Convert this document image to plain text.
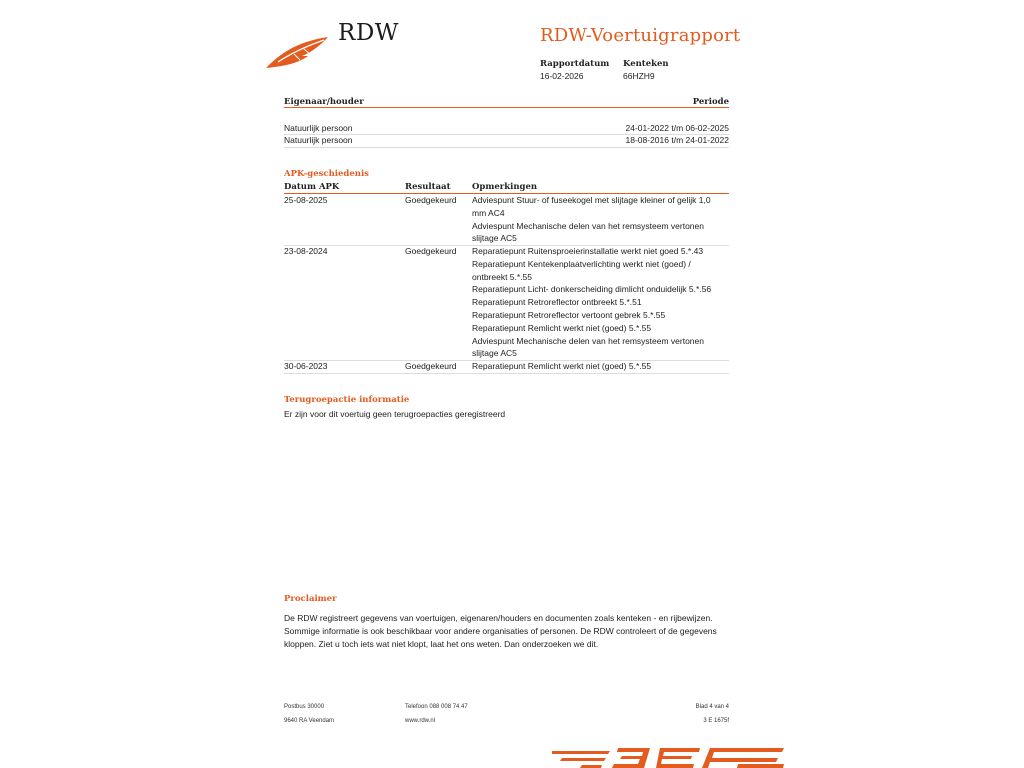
RDW	RDW-Voertuigrapport
Rapportdatum
16-02-2026
Kenteken
66HZH9
Eigenaar/houder	Periode
Natuurlijk persoon	24-01-2022 t/m 06-02-2025
Natuurlijk persoon	18-08-2016 t/m 24-01-2022
APK-geschiedenis
Datum APK	Resultaat	Opmerkingen
25-08-2025	Goedgekeurd Adviespunt Stuur- of fuseekogel met slijtage kleiner of gelijk 1,0
mm AC4
Adviespunt Mechanische delen van het remsysteem vertonen
slijtage AC5
23-08-2024	Goedgekeurd Reparatiepunt Ruitensproeierinstallatie werkt niet goed 5.*.43
Reparatiepunt Kentekenplaatverlichting werkt niet (goed) /
ontbreekt 5.*.55
Reparatiepunt Licht- donkerscheiding dimlicht onduidelijk 5.*.56
Reparatiepunt Retroreflector ontbreekt 5.*.51
Reparatiepunt Retroreflector vertoont gebrek 5.*.55
Reparatiepunt Remlicht werkt niet (goed) 5.*.55
Adviespunt Mechanische delen van het remsysteem vertonen
slijtage AC5
30-06-2023	Goedgekeurd Reparatiepunt Remlicht werkt niet (goed) 5.*.55
Terugroepactie informatie
Er zijn voor dit voertuig geen terugroepacties geregistreerd
Proclaimer
De RDW registreert gegevens van voertuigen, eigenaren/houders en documenten zoals kenteken - en rijbewijzen.
Sommige informatie is ook beschikbaar voor andere organisaties of personen. De RDW controleert of de gegevens
kloppen. Ziet u toch iets wat niet klopt, laat het ons weten. Dan onderzoeken we dit.
Postbus 30000
9640 RA Veendam
Telefoon 088 008 74 47
www.rdw.nl
Blad 4 van 4
3 E 1675f
